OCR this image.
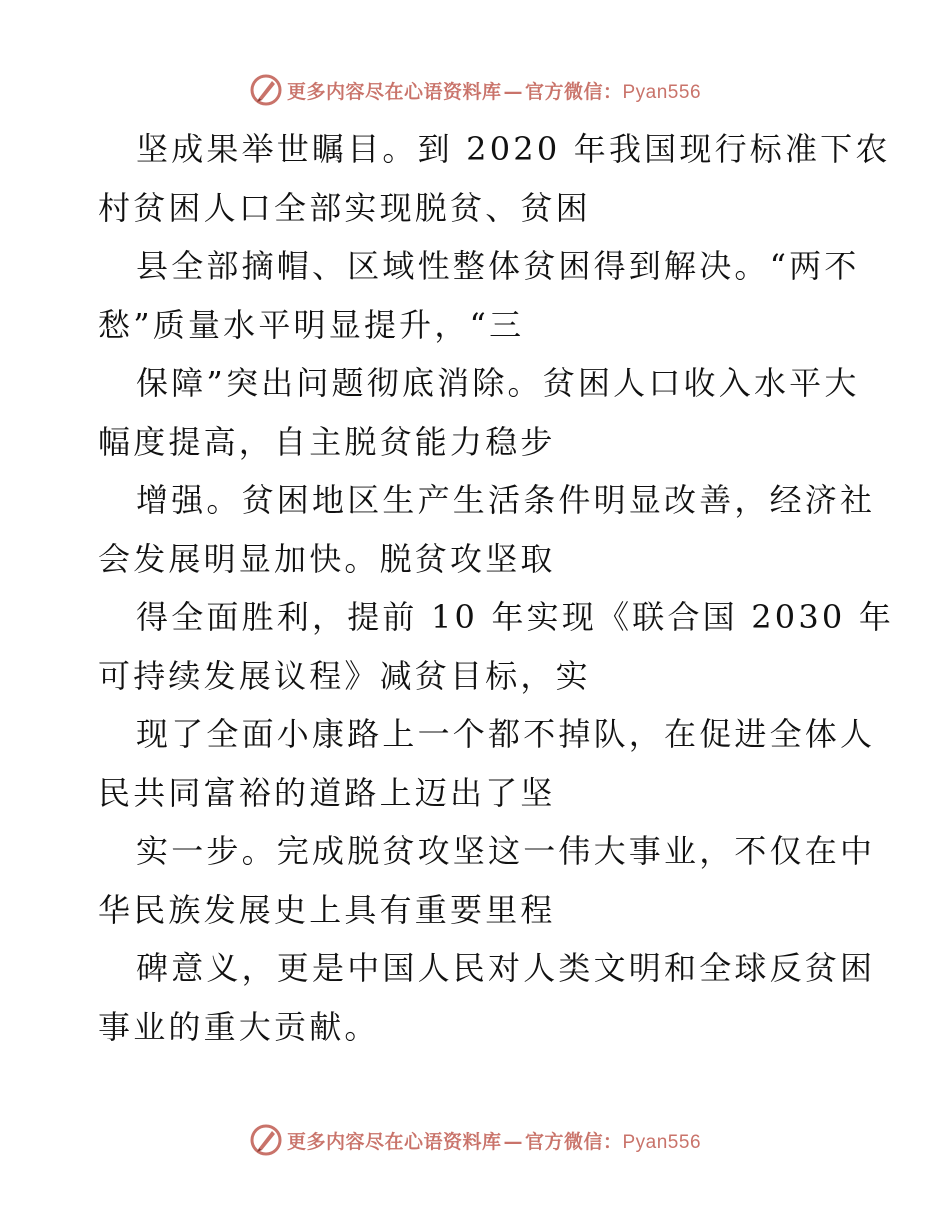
更多内容尽在心语资料库 — 官方微信：Pyan556
坚成果举世瞩目。到 2020 年我国现行标准下农
村贫困人口全部实现脱贫、贫困
县全部摘帽、区域性整体贫困得到解决。“两不
愁”质量水平明显提升，“三
保障”突出问题彻底消除。贫困人口收入水平大
幅度提高，自主脱贫能力稳步
增强。贫困地区生产生活条件明显改善，经济社
会发展明显加快。脱贫攻坚取
得全面胜利，提前 10 年实现《联合国 2030 年
可持续发展议程》减贫目标，实
现了全面小康路上一个都不掉队，在促进全体人
民共同富裕的道路上迈出了坚
实一步。完成脱贫攻坚这一伟大事业，不仅在中
华民族发展史上具有重要里程
碑意义，更是中国人民对人类文明和全球反贫困
事业的重大贡献。
更多内容尽在心语资料库 — 官方微信：Pyan556
